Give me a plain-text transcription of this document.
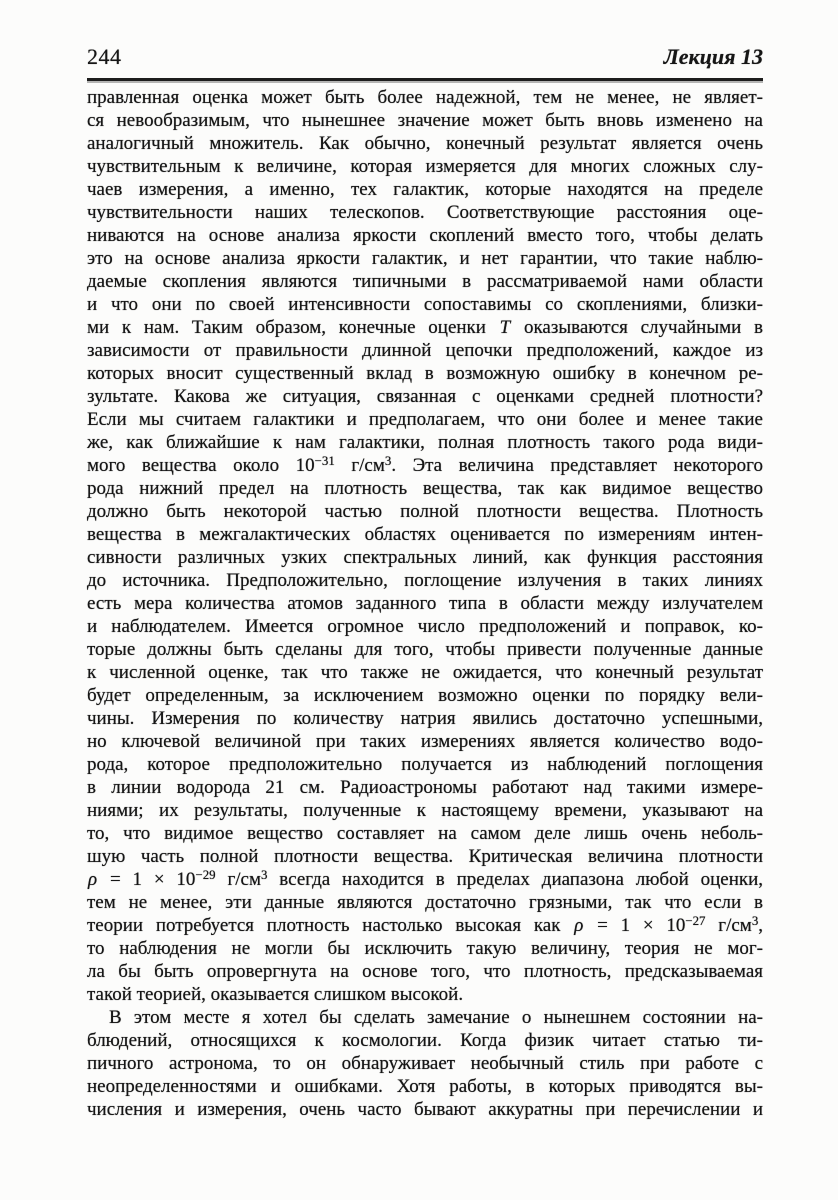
244	Лекция 13
правленная оценка может быть более надежной, тем не менее, не являет-
ся невообразимым, что нынешнее значение может быть вновь изменено на
аналогичный множитель. Как обычно, конечный результат является очень
чувствительным к величине, которая измеряется для многих сложных слу-
чаев измерения, а именно, тех галактик, которые находятся на пределе
чувствительности наших телескопов. Соответствующие расстояния оце-
ниваются на основе анализа яркости скоплений вместо того, чтобы делать
это на основе анализа яркости галактик, и нет гарантии, что такие наблю-
даемые скопления являются типичными в рассматриваемой нами области
и что они по своей интенсивности сопоставимы со скоплениями, близки-
ми к нам. Таким образом, конечные оценки T оказываются случайными в
зависимости от правильности длинной цепочки предположений, каждое из
которых вносит существенный вклад в возможную ошибку в конечном ре-
зультате. Какова же ситуация, связанная с оценками средней плотности?
Если мы считаем галактики и предполагаем, что они более и менее такие
же, как ближайшие к нам галактики, полная плотность такого рода види-
мого вещества около $10^{-31}$ $г/см^3$. Эта величина представляет некоторого
рода нижний предел на плотность вещества, так как видимое вещество
должно быть некоторой частью полной плотности вещества. Плотность
вещества в межгалактических областях оценивается по измерениям интен-
сивности различных узких спектральных линий, как функция расстояния
до источника. Предположительно, поглощение излучения в таких линиях
есть мера количества атомов заданного типа в области между излучателем
и наблюдателем. Имеется огромное число предположений и поправок, ко-
торые должны быть сделаны для того, чтобы привести полученные данные
к численной оценке, так что также не ожидается, что конечный результат
будет определенным, за исключением возможно оценки по порядку вели-
чины. Измерения по количеству натрия явились достаточно успешными,
но ключевой величиной при таких измерениях является количество водо-
рода, которое предположительно получается из наблюдений поглощения
в линии водорода 21 см. Радиоастрономы работают над такими измере-
ниями; их результаты, полученные к настоящему времени, указывают на
то, что видимое вещество составляет на самом деле лишь очень неболь-
шую часть полной плотности вещества. Критическая величина плотности
$\rho = 1 \times 10^{-29}$ $г/см^3$ всегда находится в пределах диапазона любой оценки,
тем не менее, эти данные являются достаточно грязными, так что если в
теории потребуется плотность настолько высокая как $\rho = 1 \times 10^{-27}$ $г/см^3$,
то наблюдения не могли бы исключить такую величину, теория не мог-
ла бы быть опровергнута на основе того, что плотность, предсказываемая
такой теорией, оказывается слишком высокой.
В этом месте я хотел бы сделать замечание о нынешнем состоянии на-
блюдений, относящихся к космологии. Когда физик читает статью ти-
пичного астронома, то он обнаруживает необычный стиль при работе с
неопределенностями и ошибками. Хотя работы, в которых приводятся вы-
числения и измерения, очень часто бывают аккуратны при перечислении и
